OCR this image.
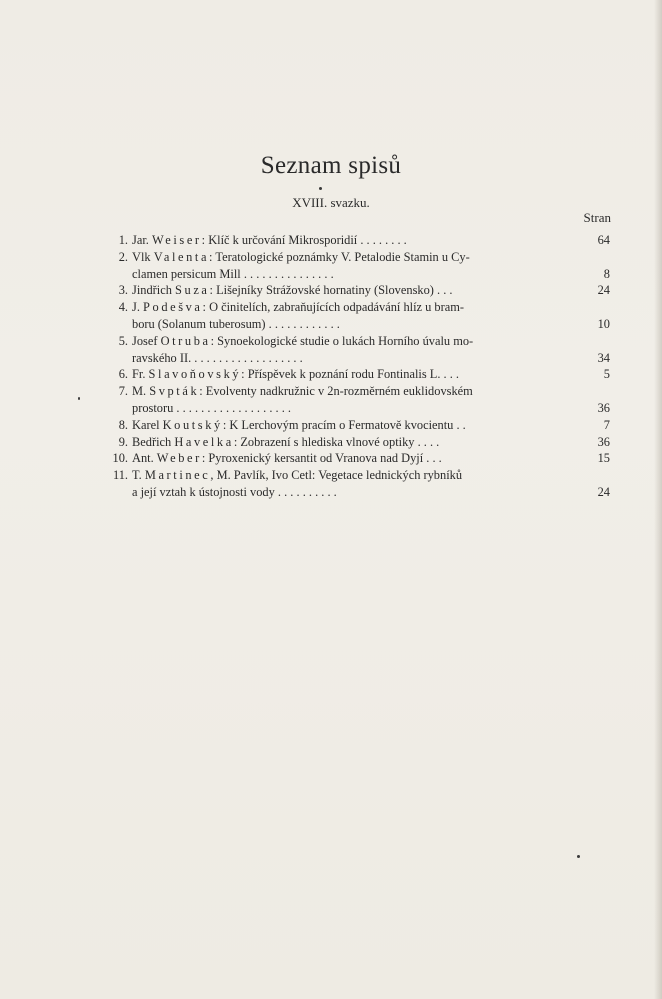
Seznam spisů
XVIII. svazku.
Stran
1. Jar. Weiser: Klíč k určování Mikrosporidií . . . . . . . .	64
2. Vlk Valenta: Teratologické poznámky V. Petalodie Stamin u Cy-
clamen persicum Mill . . . . . . . . . . . . . . .	8
3. Jindřich Suza: Lišejníky Strážovské hornatiny (Slovensko) . . .	24
4. J. Podešva: O činitelích, zabraňujících odpadávání hlíz u bram-
boru (Solanum tuberosum) . . . . . . . . . . . .	10
5. Josef Otruba: Synoekologické studie o lukách Horního úvalu mo-
ravského II. . . . . . . . . . . . . . . . . . .	34
6. Fr. Slavoňovský: Příspěvek k poznání rodu Fontinalis L. . . .	5
7. M. Svpták: Evolventy nadkružnic v 2n-rozměrném euklidovském
prostoru . . . . . . . . . . . . . . . . . . .	36
8. Karel Koutský: K Lerchovým pracím o Fermatově kvocientu . .	7
9. Bedřich Havelka: Zobrazení s hlediska vlnové optiky . . . .	36
10. Ant. Weber: Pyroxenický kersantit od Vranova nad Dyjí . . .	15
11. T. Martinec, M. Pavlík, Ivo Cetl: Vegetace lednických rybníků
a její vztah k ústojnosti vody . . . . . . . . . .	24
